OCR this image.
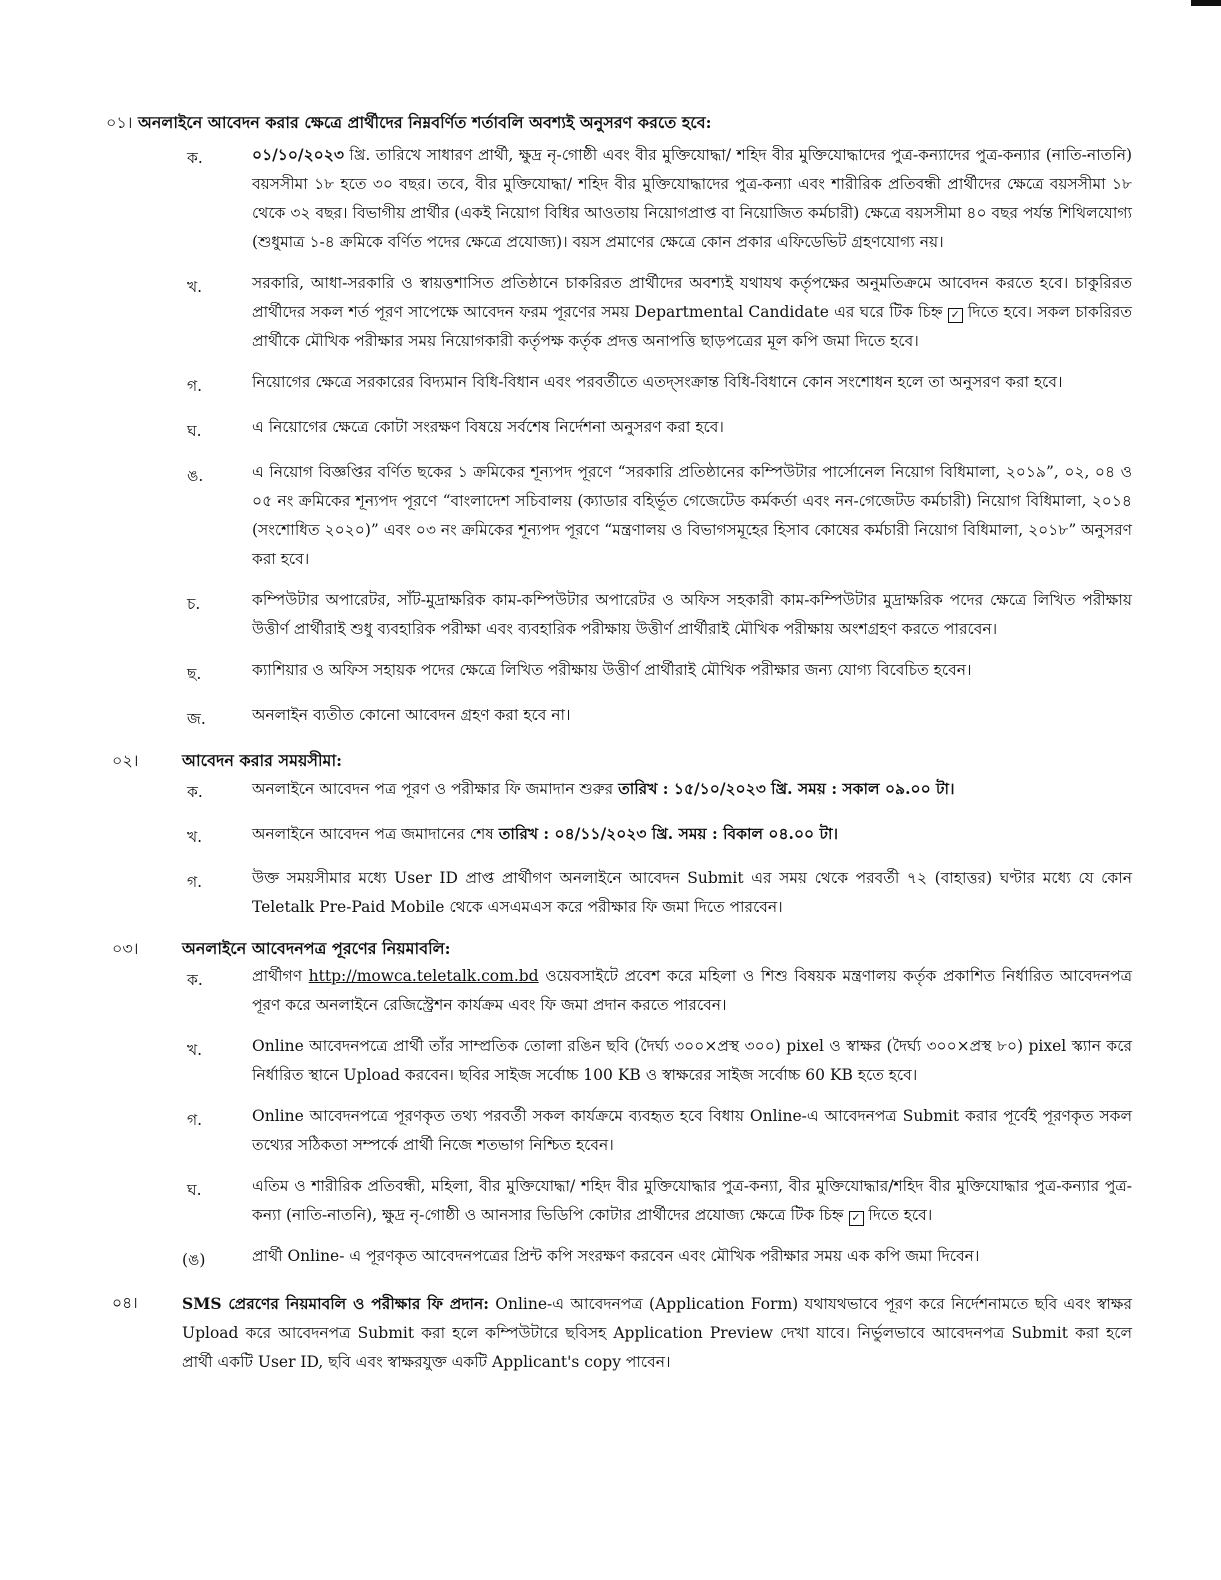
০১। অনলাইনে আবেদন করার ক্ষেত্রে প্রার্থীদের নিম্নবর্ণিত শর্তাবলি অবশ্যই অনুসরণ করতে হবে:
ক.	০১/১০/২০২৩ খ্রি. তারিখে সাধারণ প্রার্থী, ক্ষুদ্র নৃ-গোষ্ঠী এবং বীর মুক্তিযোদ্ধা/ শহিদ বীর মুক্তিযোদ্ধাদের পুত্র-কন্যাদের পুত্র-কন্যার (নাতি-নাতনি) বয়সসীমা ১৮ হতে ৩০ বছর। তবে, বীর মুক্তিযোদ্ধা/ শহিদ বীর মুক্তিযোদ্ধাদের পুত্র-কন্যা এবং শারীরিক প্রতিবন্ধী প্রার্থীদের ক্ষেত্রে বয়সসীমা ১৮ থেকে ৩২ বছর। বিভাগীয় প্রার্থীর (একই নিয়োগ বিধির আওতায় নিয়োগপ্রাপ্ত বা নিয়োজিত কর্মচারী) ক্ষেত্রে বয়সসীমা ৪০ বছর পর্যন্ত শিথিলযোগ্য (শুধুমাত্র ১-৪ ক্রমিকে বর্ণিত পদের ক্ষেত্রে প্রযোজ্য)। বয়স প্রমাণের ক্ষেত্রে কোন প্রকার এফিডেভিট গ্রহণযোগ্য নয়।
খ.	সরকারি, আধা-সরকারি ও স্বায়ত্তশাসিত প্রতিষ্ঠানে চাকরিরত প্রার্থীদের অবশ্যই যথাযথ কর্তৃপক্ষের অনুমতিক্রমে আবেদন করতে হবে। চাকুরিরত প্রার্থীদের সকল শর্ত পূরণ সাপেক্ষে আবেদন ফরম পূরণের সময় Departmental Candidate এর ঘরে টিক চিহ্ন ✓ দিতে হবে। সকল চাকরিরত প্রার্থীকে মৌখিক পরীক্ষার সময় নিয়োগকারী কর্তৃপক্ষ কর্তৃক প্রদত্ত অনাপত্তি ছাড়পত্রের মূল কপি জমা দিতে হবে।
গ.	নিয়োগের ক্ষেত্রে সরকারের বিদ্যমান বিধি-বিধান এবং পরবর্তীতে এতদ্সংক্রান্ত বিধি-বিধানে কোন সংশোধন হলে তা অনুসরণ করা হবে।
ঘ.	এ নিয়োগের ক্ষেত্রে কোটা সংরক্ষণ বিষয়ে সর্বশেষ নির্দেশনা অনুসরণ করা হবে।
ঙ.	এ নিয়োগ বিজ্ঞপ্তির বর্ণিত ছকের ১ ক্রমিকের শূন্যপদ পূরণে “সরকারি প্রতিষ্ঠানের কম্পিউটার পার্সোনেল নিয়োগ বিধিমালা, ২০১৯”, ০২, ০৪ ও ০৫ নং ক্রমিকের শূন্যপদ পূরণে “বাংলাদেশ সচিবালয় (ক্যাডার বহির্ভূত গেজেটেড কর্মকর্তা এবং নন-গেজেটড কর্মচারী) নিয়োগ বিধিমালা, ২০১৪ (সংশোধিত ২০২০)” এবং ০৩ নং ক্রমিকের শূন্যপদ পূরণে “মন্ত্রণালয় ও বিভাগসমূহের হিসাব কোষের কর্মচারী নিয়োগ বিধিমালা, ২০১৮” অনুসরণ করা হবে।
চ.	কম্পিউটার অপারেটর, সাঁট-মুদ্রাক্ষরিক কাম-কম্পিউটার অপারেটর ও অফিস সহকারী কাম-কম্পিউটার মুদ্রাক্ষরিক পদের ক্ষেত্রে লিখিত পরীক্ষায় উত্তীর্ণ প্রার্থীরাই শুধু ব্যবহারিক পরীক্ষা এবং ব্যবহারিক পরীক্ষায় উত্তীর্ণ প্রার্থীরাই মৌখিক পরীক্ষায় অংশগ্রহণ করতে পারবেন।
ছ.	ক্যাশিয়ার ও অফিস সহায়ক পদের ক্ষেত্রে লিখিত পরীক্ষায় উত্তীর্ণ প্রার্থীরাই মৌখিক পরীক্ষার জন্য যোগ্য বিবেচিত হবেন।
জ.	অনলাইন ব্যতীত কোনো আবেদন গ্রহণ করা হবে না।
০২।	আবেদন করার সময়সীমা:
ক.	অনলাইনে আবেদন পত্র পূরণ ও পরীক্ষার ফি জমাদান শুরুর তারিখ : ১৫/১০/২০২৩ খ্রি. সময় : সকাল ০৯.০০ টা।
খ.	অনলাইনে আবেদন পত্র জমাদানের শেষ তারিখ : ০৪/১১/২০২৩ খ্রি. সময় : বিকাল ০৪.০০ টা।
গ.	উক্ত সময়সীমার মধ্যে User ID প্রাপ্ত প্রার্থীগণ অনলাইনে আবেদন Submit এর সময় থেকে পরবর্তী ৭২ (বাহাত্তর) ঘণ্টার মধ্যে যে কোন Teletalk Pre-Paid Mobile থেকে এসএমএস করে পরীক্ষার ফি জমা দিতে পারবেন।
০৩।	অনলাইনে আবেদনপত্র পূরণের নিয়মাবলি:
ক.	প্রার্থীগণ http://mowca.teletalk.com.bd ওয়েবসাইটে প্রবেশ করে মহিলা ও শিশু বিষয়ক মন্ত্রণালয় কর্তৃক প্রকাশিত নির্ধারিত আবেদনপত্র পূরণ করে অনলাইনে রেজিস্ট্রেশন কার্যক্রম এবং ফি জমা প্রদান করতে পারবেন।
খ.	Online আবেদনপত্রে প্রার্থী তাঁর সাম্প্রতিক তোলা রঙিন ছবি (দৈর্ঘ্য ৩০০×প্রস্থ ৩০০) pixel ও স্বাক্ষর (দৈর্ঘ্য ৩০০×প্রস্থ ৮০) pixel স্ক্যান করে নির্ধারিত স্থানে Upload করবেন। ছবির সাইজ সর্বোচ্চ 100 KB ও স্বাক্ষরের সাইজ সর্বোচ্চ 60 KB হতে হবে।
গ.	Online আবেদনপত্রে পূরণকৃত তথ্য পরবর্তী সকল কার্যক্রমে ব্যবহৃত হবে বিধায় Online-এ আবেদনপত্র Submit করার পূর্বেই পূরণকৃত সকল তথ্যের সঠিকতা সম্পর্কে প্রার্থী নিজে শতভাগ নিশ্চিত হবেন।
ঘ.	এতিম ও শারীরিক প্রতিবন্ধী, মহিলা, বীর মুক্তিযোদ্ধা/ শহিদ বীর মুক্তিযোদ্ধার পুত্র-কন্যা, বীর মুক্তিযোদ্ধার/শহিদ বীর মুক্তিযোদ্ধার পুত্র-কন্যার পুত্র-কন্যা (নাতি-নাতনি), ক্ষুদ্র নৃ-গোষ্ঠী ও আনসার ভিডিপি কোটার প্রার্থীদের প্রযোজ্য ক্ষেত্রে টিক চিহ্ন ✓ দিতে হবে।
(ঙ)	প্রার্থী Online- এ পূরণকৃত আবেদনপত্রের প্রিন্ট কপি সংরক্ষণ করবেন এবং মৌখিক পরীক্ষার সময় এক কপি জমা দিবেন।
০৪।	SMS প্রেরণের নিয়মাবলি ও পরীক্ষার ফি প্রদান: Online-এ আবেদনপত্র (Application Form) যথাযথভাবে পূরণ করে নির্দেশনামতে ছবি এবং স্বাক্ষর Upload করে আবেদনপত্র Submit করা হলে কম্পিউটারে ছবিসহ Application Preview দেখা যাবে। নির্ভুলভাবে আবেদনপত্র Submit করা হলে প্রার্থী একটি User ID, ছবি এবং স্বাক্ষরযুক্ত একটি Applicant's copy পাবেন।
